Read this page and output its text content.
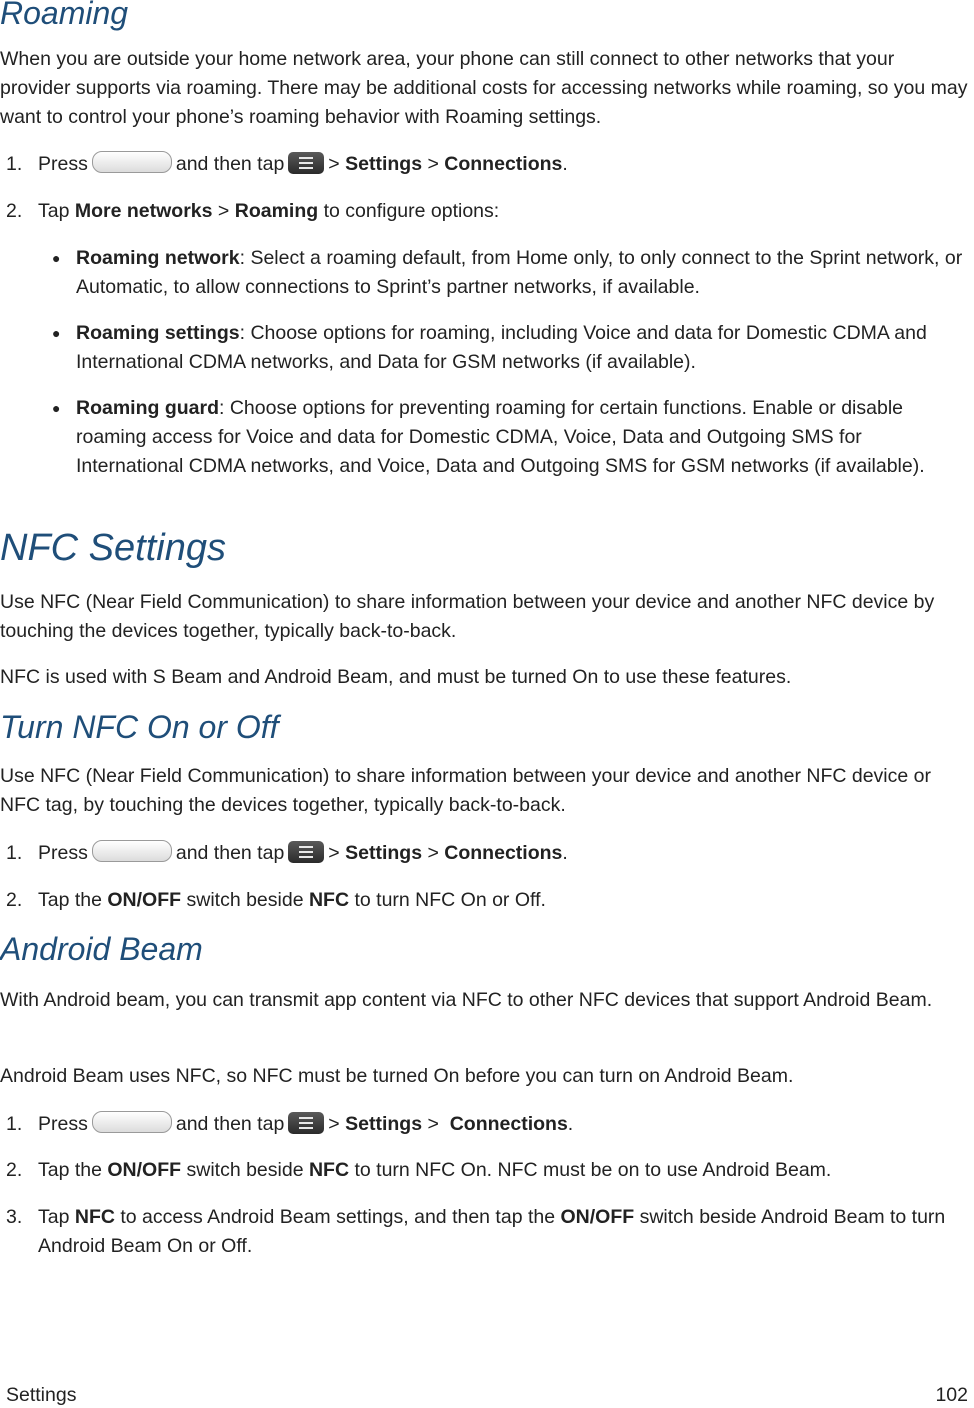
Roaming

When you are outside your home network area, your phone can still connect to other networks that your provider supports via roaming. There may be additional costs for accessing networks while roaming, so you may want to control your phone’s roaming behavior with Roaming settings.

1. Press	and then tap > Settings > Connections.
2. Tap More networks > Roaming to configure options:
● Roaming network: Select a roaming default, from Home only, to only connect to the Sprint network, or Automatic, to allow connections to Sprint’s partner networks, if available.
● Roaming settings: Choose options for roaming, including Voice and data for Domestic CDMA and International CDMA networks, and Data for GSM networks (if available).
● Roaming guard: Choose options for preventing roaming for certain functions. Enable or disable roaming access for Voice and data for Domestic CDMA, Voice, Data and Outgoing SMS for International CDMA networks, and Voice, Data and Outgoing SMS for GSM networks (if available).
NFC Settings

Use NFC (Near Field Communication) to share information between your device and another NFC device by touching the devices together, typically back-to-back.

NFC is used with S Beam and Android Beam, and must be turned On to use these features.

Turn NFC On or Off

Use NFC (Near Field Communication) to share information between your device and another NFC device or NFC tag, by touching the devices together, typically back-to-back.

1. Press	and then tap > Settings > Connections.
2. Tap the ON/OFF switch beside NFC to turn NFC On or Off.
Android Beam

With Android beam, you can transmit app content via NFC to other NFC devices that support Android Beam.

Android Beam uses NFC, so NFC must be turned On before you can turn on Android Beam.

1. Press	and then tap > Settings > Connections.
2. Tap the ON/OFF switch beside NFC to turn NFC On. NFC must be on to use Android Beam.
3. Tap NFC to access Android Beam settings, and then tap the ON/OFF switch beside Android Beam to turn Android Beam On or Off.
Settings	102
